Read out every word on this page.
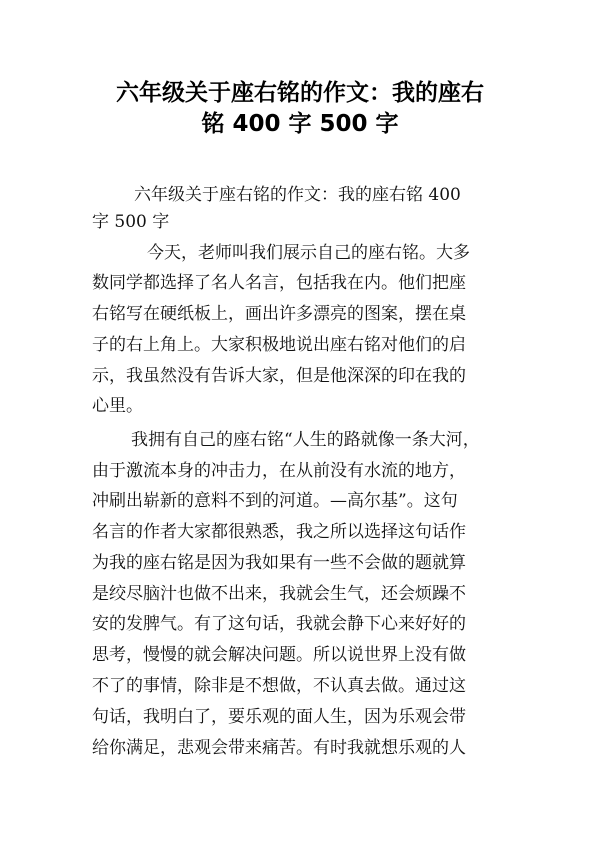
六年级关于座右铭的作文：我的座右
铭 400 字 500 字
六年级关于座右铭的作文：我的座右铭 400
字 500 字
今天，老师叫我们展示自己的座右铭。大多
数同学都选择了名人名言，包括我在内。他们把座
右铭写在硬纸板上，画出许多漂亮的图案，摆在桌
子的右上角上。大家积极地说出座右铭对他们的启
示，我虽然没有告诉大家，但是他深深的印在我的
心里。
我拥有自己的座右铭“人生的路就像一条大河，
由于激流本身的冲击力，在从前没有水流的地方，
冲刷出崭新的意料不到的河道。—高尔基”。这句
名言的作者大家都很熟悉，我之所以选择这句话作
为我的座右铭是因为我如果有一些不会做的题就算
是绞尽脑汁也做不出来，我就会生气，还会烦躁不
安的发脾气。有了这句话，我就会静下心来好好的
思考，慢慢的就会解决问题。所以说世界上没有做
不了的事情，除非是不想做，不认真去做。通过这
句话，我明白了，要乐观的面人生，因为乐观会带
给你满足，悲观会带来痛苦。有时我就想乐观的人
